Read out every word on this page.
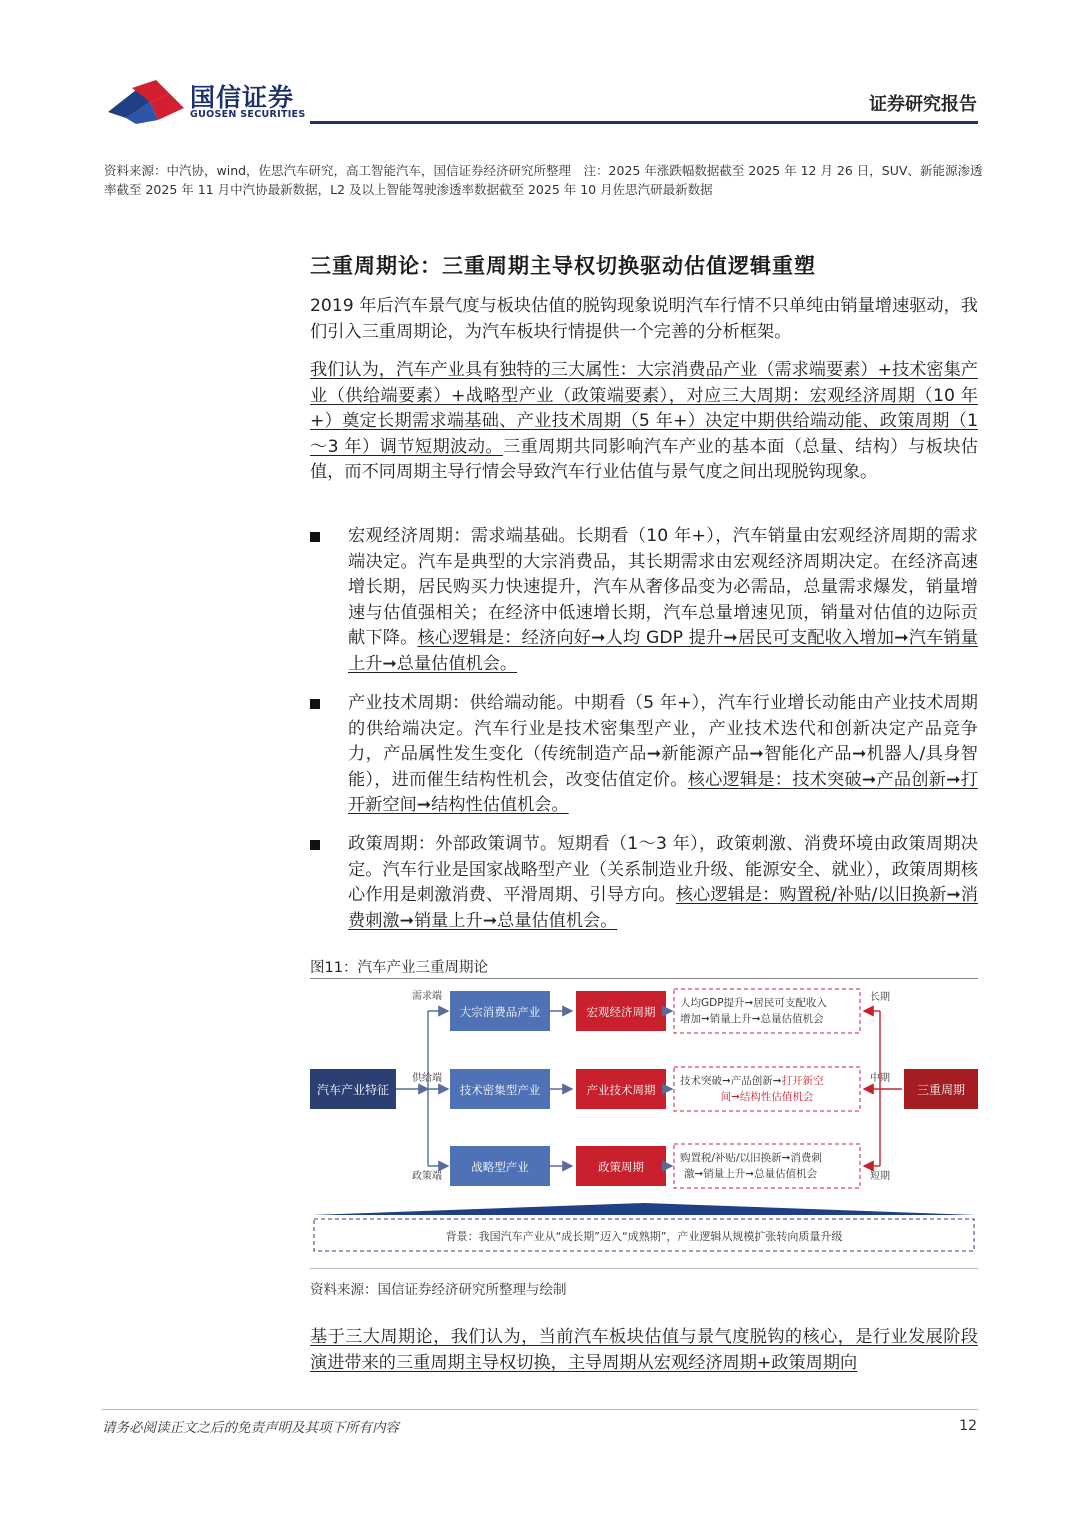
国信证券
GUOSEN SECURITIES	证券研究报告
资料来源：中汽协，wind，佐思汽车研究，高工智能汽车，国信证券经济研究所整理　注：2025 年涨跌幅数据截至 2025 年 12 月 26 日，SUV、新能源渗透率截至 2025 年 11 月中汽协最新数据，L2 及以上智能驾驶渗透率数据截至 2025 年 10 月佐思汽研最新数据
三重周期论：三重周期主导权切换驱动估值逻辑重塑
2019 年后汽车景气度与板块估值的脱钩现象说明汽车行情不只单纯由销量增速驱动，我们引入三重周期论，为汽车板块行情提供一个完善的分析框架。
我们认为，汽车产业具有独特的三大属性：大宗消费品产业（需求端要素）+技术密集产业（供给端要素）+战略型产业（政策端要素），对应三大周期：宏观经济周期（10 年+）奠定长期需求端基础、产业技术周期（5 年+）决定中期供给端动能、政策周期（1～3 年）调节短期波动。三重周期共同影响汽车产业的基本面（总量、结构）与板块估值，而不同周期主导行情会导致汽车行业估值与景气度之间出现脱钩现象。
宏观经济周期：需求端基础。长期看（10 年+），汽车销量由宏观经济周期的需求端决定。汽车是典型的大宗消费品，其长期需求由宏观经济周期决定。在经济高速增长期，居民购买力快速提升，汽车从奢侈品变为必需品，总量需求爆发，销量增速与估值强相关；在经济中低速增长期，汽车总量增速见顶，销量对估值的边际贡献下降。核心逻辑是：经济向好➞人均 GDP 提升➞居民可支配收入增加➞汽车销量上升➞总量估值机会。
产业技术周期：供给端动能。中期看（5 年+），汽车行业增长动能由产业技术周期的供给端决定。汽车行业是技术密集型产业，产业技术迭代和创新决定产品竞争力，产品属性发生变化（传统制造产品➞新能源产品➞智能化产品➞机器人/具身智能），进而催生结构性机会，改变估值定价。核心逻辑是：技术突破➞产品创新➞打开新空间➞结构性估值机会。
政策周期：外部政策调节。短期看（1～3 年），政策刺激、消费环境由政策周期决定。汽车行业是国家战略型产业（关系制造业升级、能源安全、就业），政策周期核心作用是刺激消费、平滑周期、引导方向。核心逻辑是：购置税/补贴/以旧换新➞消费刺激➞销量上升➞总量估值机会。
图11：汽车产业三重周期论
汽车产业特征
需求端
供给端
政策端
大宗消费品产业	宏观经济周期
人均GDP提升➞居民可支配收入
增加➞销量上升➞总量估值机会
技术密集型产业	产业技术周期
技术突破➞产品创新➞打开新空
间➞结构性估值机会
战略型产业	政策周期
购置税/补贴/以旧换新➞消费刺
激➞销量上升➞总量估值机会
长期
中期
短期
三重周期
背景：我国汽车产业从“成长期”迈入“成熟期”，产业逻辑从规模扩张转向质量升级
资料来源：国信证券经济研究所整理与绘制
基于三大周期论，我们认为，当前汽车板块估值与景气度脱钩的核心，是行业发展阶段演进带来的三重周期主导权切换，主导周期从宏观经济周期+政策周期向
请务必阅读正文之后的免责声明及其项下所有内容	12
